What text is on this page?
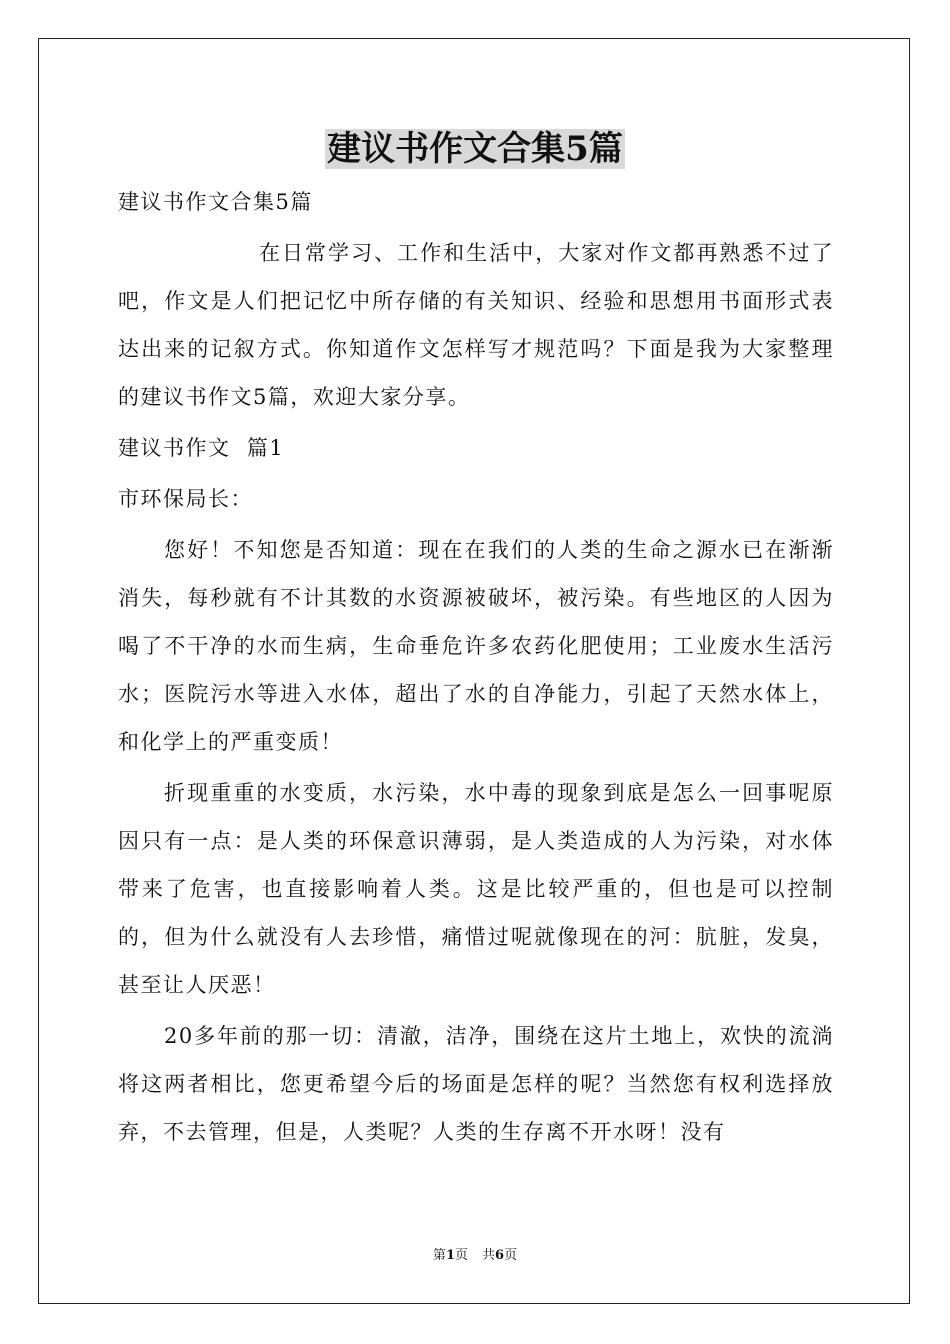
建议书作文合集5篇

建议书作文合集5篇

在日常学习、工作和生活中，大家对作文都再熟悉不过了吧，作文是人们把记忆中所存储的有关知识、经验和思想用书面形式表达出来的记叙方式。你知道作文怎样写才规范吗？下面是我为大家整理的建议书作文5篇，欢迎大家分享。

建议书作文  篇1

市环保局长：

您好！不知您是否知道：现在在我们的人类的生命之源水已在渐渐消失，每秒就有不计其数的水资源被破坏，被污染。有些地区的人因为喝了不干净的水而生病，生命垂危许多农药化肥使用；工业废水生活污水；医院污水等进入水体，超出了水的自净能力，引起了天然水体上，和化学上的严重变质！

折现重重的水变质，水污染，水中毒的现象到底是怎么一回事呢原因只有一点：是人类的环保意识薄弱，是人类造成的人为污染，对水体带来了危害，也直接影响着人类。这是比较严重的，但也是可以控制的，但为什么就没有人去珍惜，痛惜过呢就像现在的河：肮脏，发臭，甚至让人厌恶！

20多年前的那一切：清澈，洁净，围绕在这片土地上，欢快的流淌将这两者相比，您更希望今后的场面是怎样的呢？当然您有权利选择放弃，不去管理，但是，人类呢？人类的生存离不开水呀！没有

第1页 共6页
